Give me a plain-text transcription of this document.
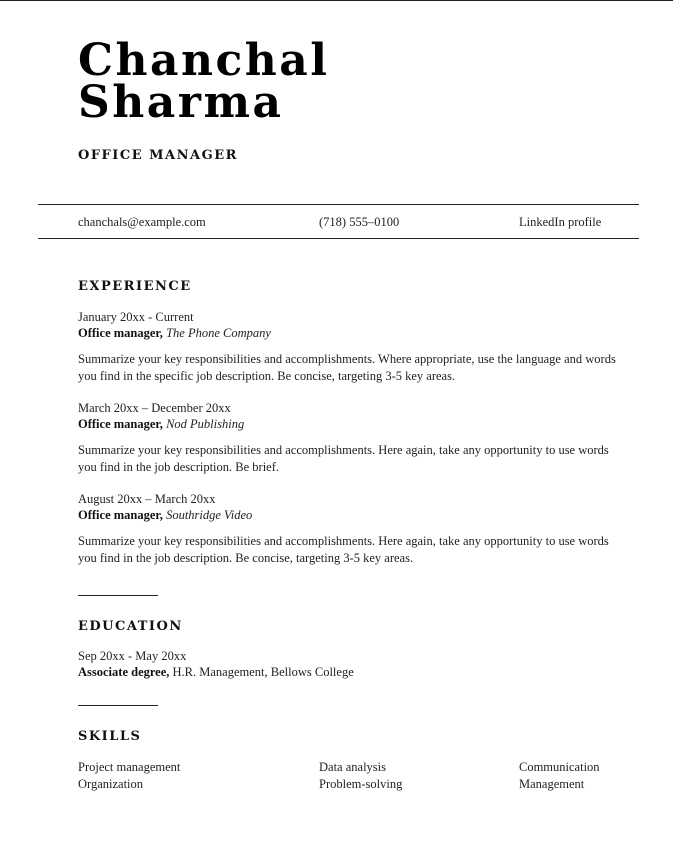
Chanchal
Sharma
OFFICE MANAGER
chanchals@example.com	(718) 555–0100	LinkedIn profile
EXPERIENCE
January 20xx - Current
Office manager, The Phone Company

Summarize your key responsibilities and accomplishments. Where appropriate, use the language and words you find in the specific job description. Be concise, targeting 3-5 key areas.

March 20xx – December 20xx
Office manager, Nod Publishing

Summarize your key responsibilities and accomplishments. Here again, take any opportunity to use words you find in the job description. Be brief.

August 20xx – March 20xx
Office manager, Southridge Video

Summarize your key responsibilities and accomplishments. Here again, take any opportunity to use words you find in the job description. Be concise, targeting 3-5 key areas.

EDUCATION
Sep 20xx - May 20xx
Associate degree, H.R. Management, Bellows College
SKILLS
Project management	Data analysis	Communication
Organization	Problem-solving	Management
